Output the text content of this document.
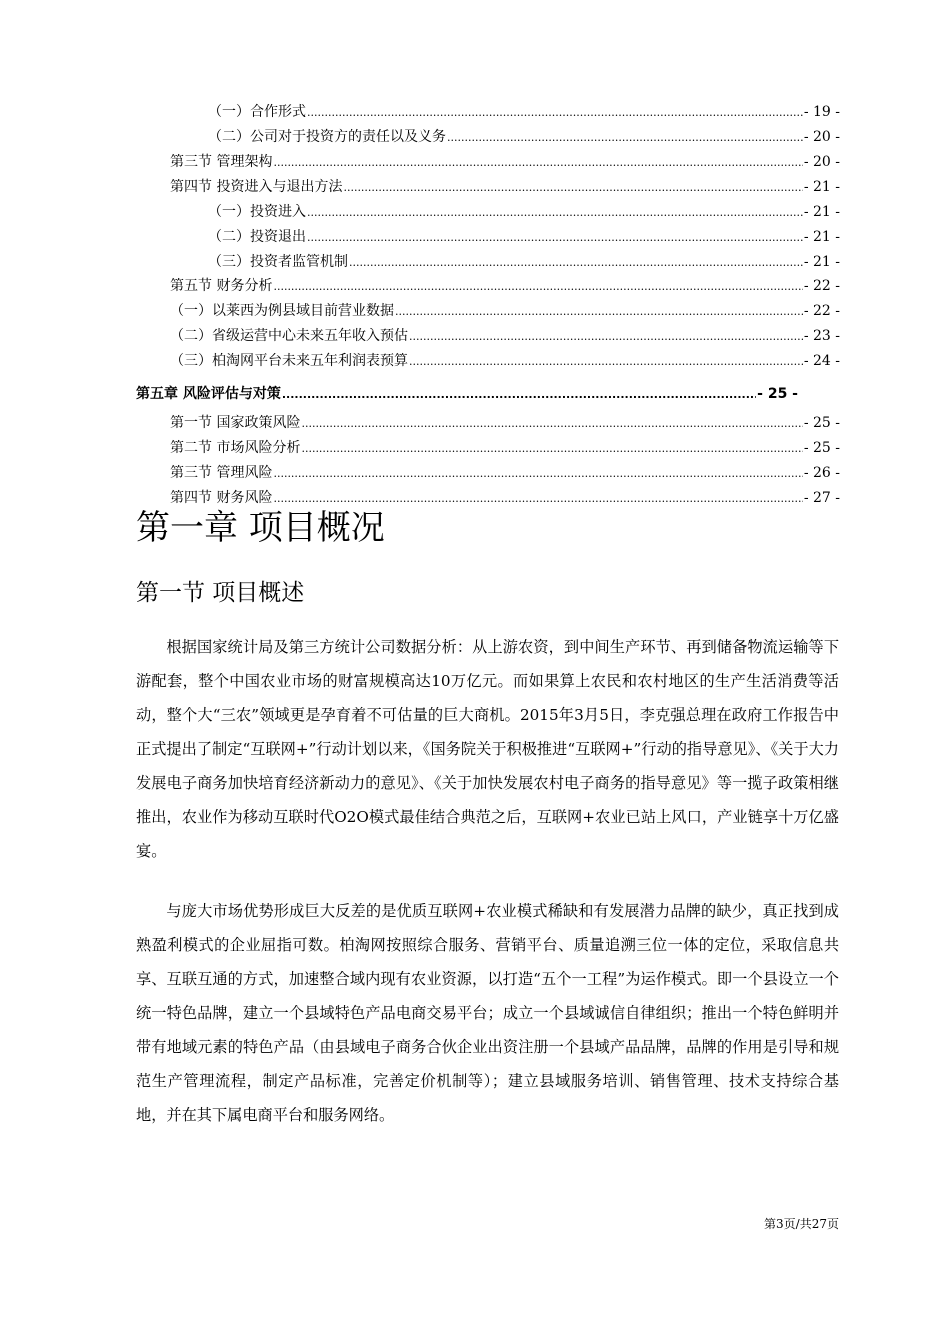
（一）合作形式 .....	- 19 -
（二）公司对于投资方的责任以及义务 .....	- 20 -
第三节 管理架构 .....	- 20 -
第四节 投资进入与退出方法 .....	- 21 -
（一）投资进入 .....	- 21 -
（二）投资退出 .....	- 21 -
（三）投资者监管机制 .....	- 21 -
第五节 财务分析 .....	- 22 -
（一）以莱西为例县域目前营业数据 .....	- 22 -
（二）省级运营中心未来五年收入预估 .....	- 23 -
（三）柏淘网平台未来五年利润表预算 .....	- 24 -
第五章 风险评估与对策 .....	- 25 -
第一节 国家政策风险 .....	- 25 -
第二节 市场风险分析 .....	- 25 -
第三节 管理风险 .....	- 26 -
第四节 财务风险 .....	- 27 -
第一章 项目概况
第一节 项目概述

根据国家统计局及第三方统计公司数据分析：从上游农资，到中间生产环节、再到储备物流运输等下游配套，整个中国农业市场的财富规模高达10万亿元。而如果算上农民和农村地区的生产生活消费等活动，整个大“三农”领域更是孕育着不可估量的巨大商机。2015年3月5日，李克强总理在政府工作报告中正式提出了制定“互联网+”行动计划以来，《国务院关于积极推进“互联网+”行动的指导意见》、《关于大力发展电子商务加快培育经济新动力的意见》、《关于加快发展农村电子商务的指导意见》等一揽子政策相继推出，农业作为移动互联时代O2O模式最佳结合典范之后，互联网+农业已站上风口，产业链享十万亿盛宴。

与庞大市场优势形成巨大反差的是优质互联网+农业模式稀缺和有发展潜力品牌的缺少，真正找到成熟盈利模式的企业屈指可数。柏淘网按照综合服务、营销平台、质量追溯三位一体的定位，采取信息共享、互联互通的方式，加速整合域内现有农业资源，以打造“五个一工程”为运作模式。即一个县设立一个统一特色品牌，建立一个县域特色产品电商交易平台；成立一个县域诚信自律组织；推出一个特色鲜明并带有地域元素的特色产品（由县域电子商务合伙企业出资注册一个县域产品品牌，品牌的作用是引导和规范生产管理流程，制定产品标准，完善定价机制等）；建立县域服务培训、销售管理、技术支持综合基地，并在其下属电商平台和服务网络。

第3页/共27页
